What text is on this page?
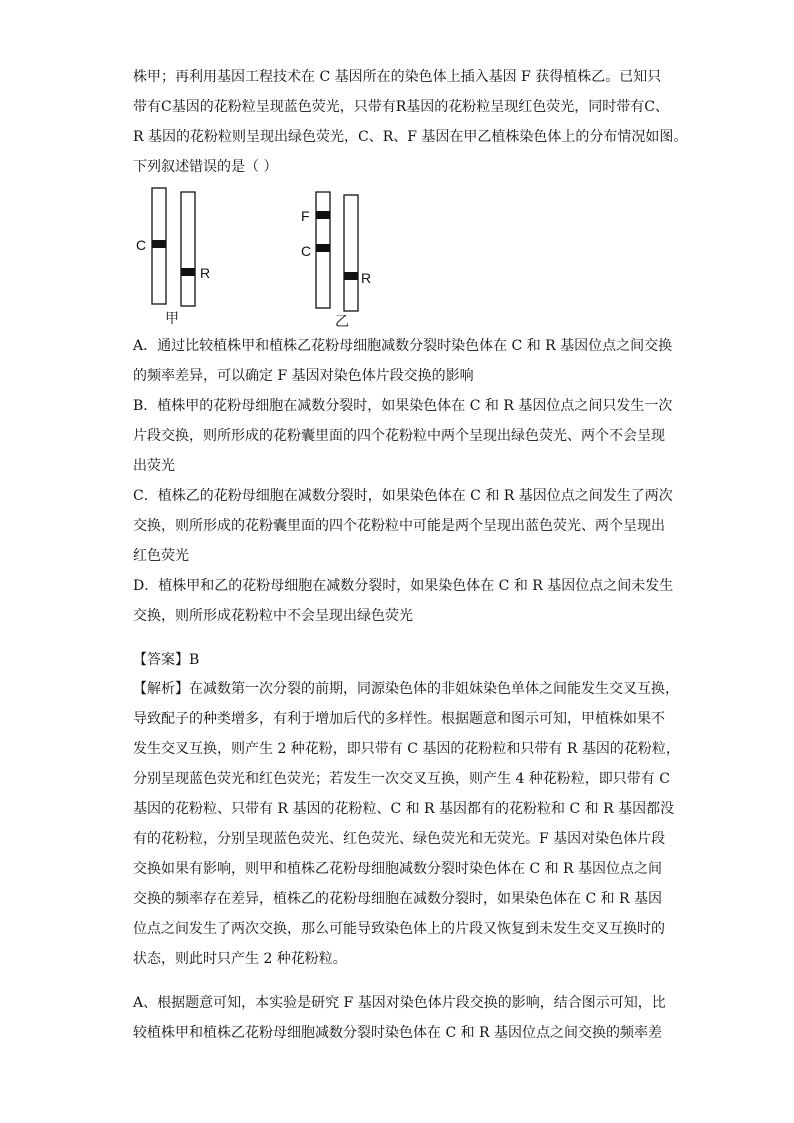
株甲；再利用基因工程技术在 C 基因所在的染色体上插入基因 F 获得植株乙。已知只
带有C基因的花粉粒呈现蓝色荧光，只带有R基因的花粉粒呈现红色荧光，同时带有C、
R 基因的花粉粒则呈现出绿色荧光，C、R、F 基因在甲乙植株染色体上的分布情况如图。
下列叙述错误的是（ ）

C
R
甲
F
C
R
乙

A．通过比较植株甲和植株乙花粉母细胞减数分裂时染色体在 C 和 R 基因位点之间交换
的频率差异，可以确定 F 基因对染色体片段交换的影响
B．植株甲的花粉母细胞在减数分裂时，如果染色体在 C 和 R 基因位点之间只发生一次
片段交换，则所形成的花粉囊里面的四个花粉粒中两个呈现出绿色荧光、两个不会呈现
出荧光
C．植株乙的花粉母细胞在减数分裂时，如果染色体在 C 和 R 基因位点之间发生了两次
交换，则所形成的花粉囊里面的四个花粉粒中可能是两个呈现出蓝色荧光、两个呈现出
红色荧光
D．植株甲和乙的花粉母细胞在减数分裂时，如果染色体在 C 和 R 基因位点之间未发生
交换，则所形成花粉粒中不会呈现出绿色荧光

【答案】B

【解析】在减数第一次分裂的前期，同源染色体的非姐妹染色单体之间能发生交叉互换，
导致配子的种类增多，有利于增加后代的多样性。根据题意和图示可知，甲植株如果不
发生交叉互换，则产生 2 种花粉，即只带有 C 基因的花粉粒和只带有 R 基因的花粉粒，
分别呈现蓝色荧光和红色荧光；若发生一次交叉互换，则产生 4 种花粉粒，即只带有 C
基因的花粉粒、只带有 R 基因的花粉粒、C 和 R 基因都有的花粉粒和 C 和 R 基因都没
有的花粉粒，分别呈现蓝色荧光、红色荧光、绿色荧光和无荧光。F 基因对染色体片段
交换如果有影响，则甲和植株乙花粉母细胞减数分裂时染色体在 C 和 R 基因位点之间
交换的频率存在差异，植株乙的花粉母细胞在减数分裂时，如果染色体在 C 和 R 基因
位点之间发生了两次交换，那么可能导致染色体上的片段又恢复到未发生交叉互换时的
状态，则此时只产生 2 种花粉粒。

A、根据题意可知，本实验是研究 F 基因对染色体片段交换的影响，结合图示可知，比
较植株甲和植株乙花粉母细胞减数分裂时染色体在 C 和 R 基因位点之间交换的频率差
